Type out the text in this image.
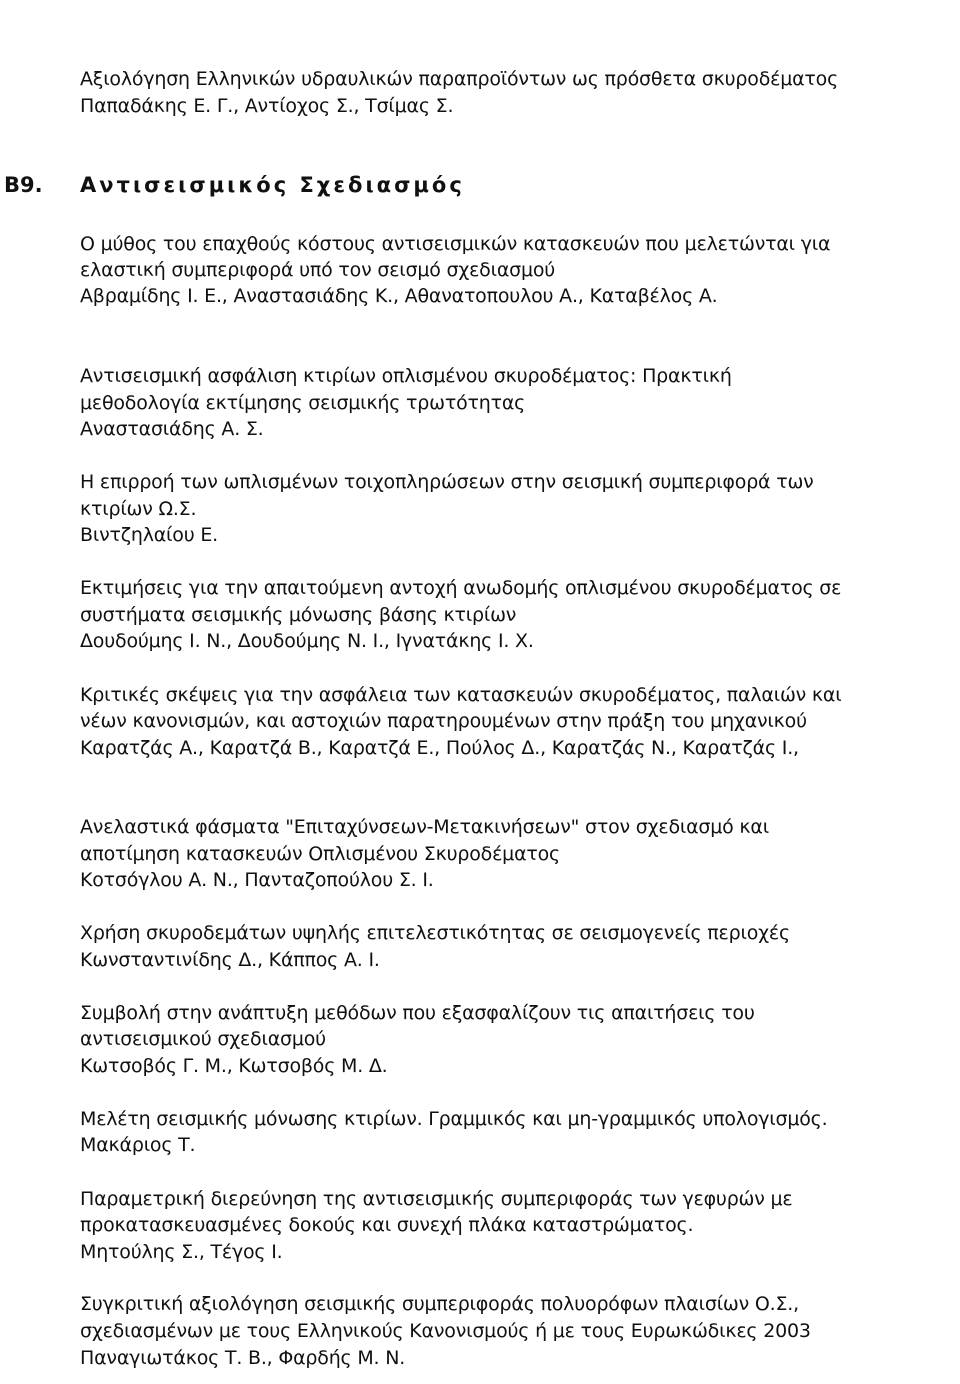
Αξιολόγηση Ελληνικών υδραυλικών παραπροϊόντων ως πρόσθετα σκυροδέματος
Παπαδάκης Ε. Γ., Αντίοχος Σ., Τσίμας Σ.
B9. Αντισεισμικός Σχεδιασμός
Ο μύθος του επαχθούς κόστους αντισεισμικών κατασκευών που μελετώνται για
ελαστική συμπεριφορά υπό τον σεισμό σχεδιασμού
Αβραμίδης Ι. Ε., Αναστασιάδης Κ., Αθανατοπουλου Α., Καταβέλος Α.
Αντισεισμική ασφάλιση κτιρίων οπλισμένου σκυροδέματος: Πρακτική
μεθοδολογία εκτίμησης σεισμικής τρωτότητας
Αναστασιάδης Α. Σ.
Η επιρροή των ωπλισμένων τοιχοπληρώσεων στην σεισμική συμπεριφορά των
κτιρίων Ω.Σ.
Βιντζηλαίου Ε.
Εκτιμήσεις για την απαιτούμενη αντοχή ανωδομής οπλισμένου σκυροδέματος σε
συστήματα σεισμικής μόνωσης βάσης κτιρίων
Δουδούμης Ι. Ν., Δουδούμης Ν. Ι., Ιγνατάκης Ι. Χ.
Κριτικές σκέψεις για την ασφάλεια των κατασκευών σκυροδέματος, παλαιών και
νέων κανονισμών, και αστοχιών παρατηρουμένων στην πράξη του μηχανικού
Καρατζάς Α., Καρατζά Β., Καρατζά Ε., Πούλος Δ., Καρατζάς Ν., Καρατζάς Ι.,
Ανελαστικά φάσματα "Επιταχύνσεων-Μετακινήσεων" στον σχεδιασμό και
αποτίμηση κατασκευών Οπλισμένου Σκυροδέματος
Κοτσόγλου Α. Ν., Πανταζοπούλου Σ. Ι.
Χρήση σκυροδεμάτων υψηλής επιτελεστικότητας σε σεισμογενείς περιοχές
Κωνσταντινίδης Δ., Κάππος Α. Ι.
Συμβολή στην ανάπτυξη μεθόδων που εξασφαλίζουν τις απαιτήσεις του
αντισεισμικού σχεδιασμού
Κωτσοβός Γ. Μ., Κωτσοβός Μ. Δ.
Μελέτη σεισμικής μόνωσης κτιρίων. Γραμμικός και μη-γραμμικός υπολογισμός.
Μακάριος Τ.
Παραμετρική διερεύνηση της αντισεισμικής συμπεριφοράς των γεφυρών με
προκατασκευασμένες δοκούς και συνεχή πλάκα καταστρώματος.
Μητούλης Σ., Τέγος Ι.
Συγκριτική αξιολόγηση σεισμικής συμπεριφοράς πολυορόφων πλαισίων Ο.Σ.,
σχεδιασμένων με τους Ελληνικούς Κανονισμούς ή με τους Ευρωκώδικες 2003
Παναγιωτάκος Τ. Β., Φαρδής Μ. Ν.
